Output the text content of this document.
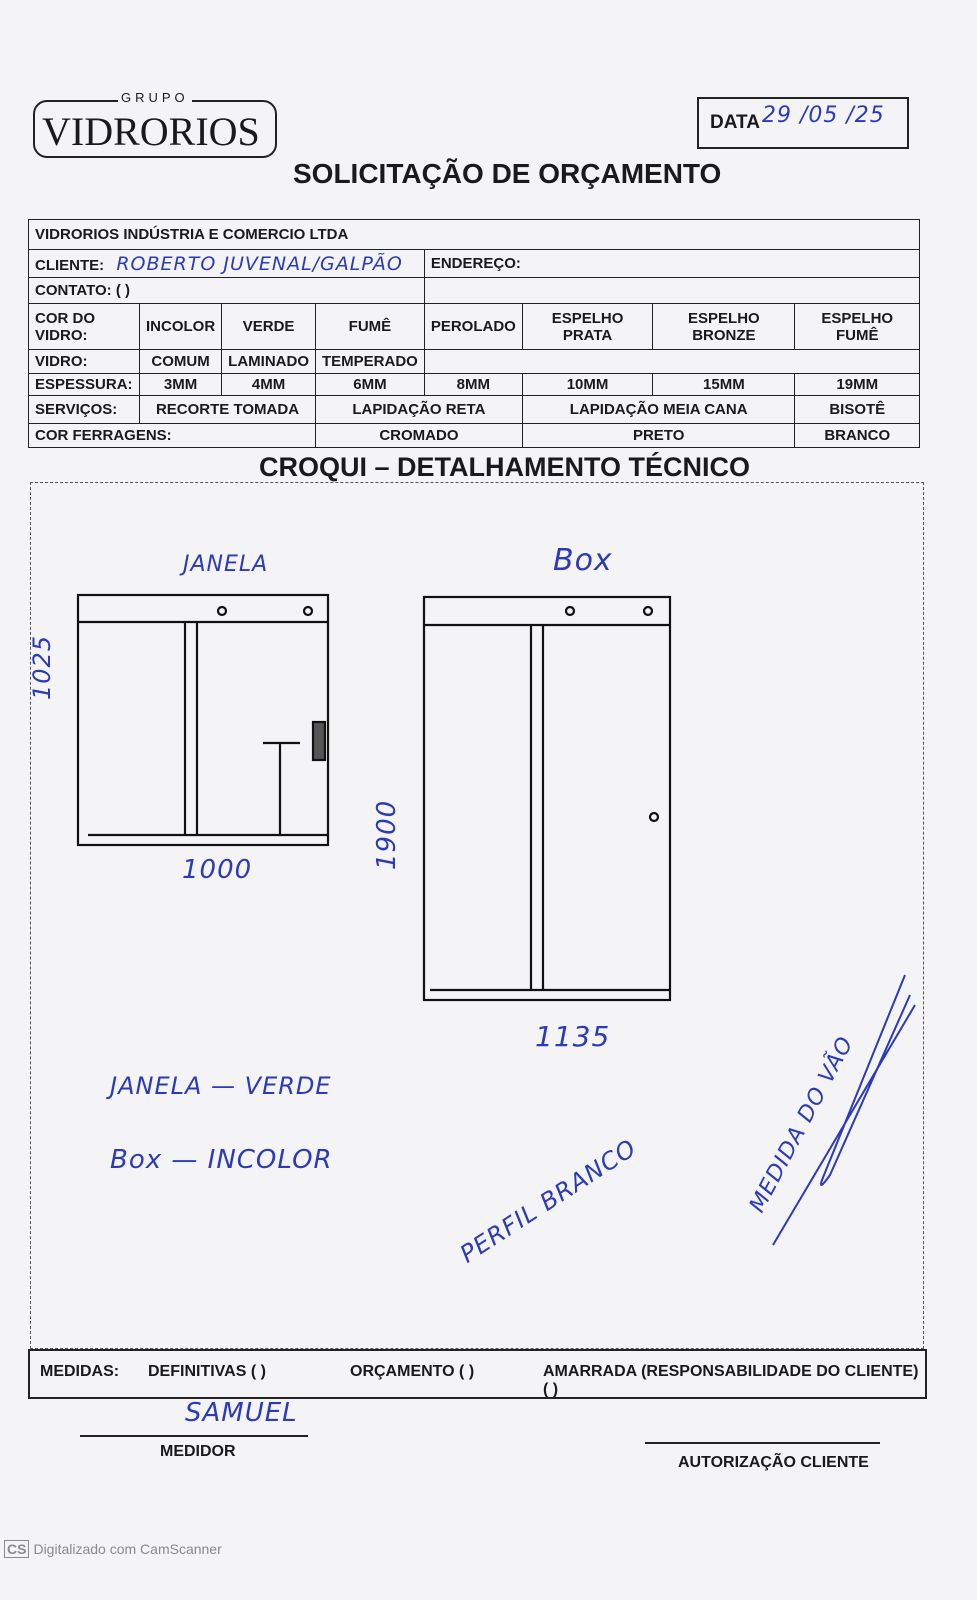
GRUPO
VIDRORIOS	DATA 29 /05 /25
SOLICITAÇÃO DE ORÇAMENTO
VIDRORIOS INDÚSTRIA E COMERCIO LTDA							
CLIENTE: ROBERTO JUVENAL/GALPÃO				ENDEREÇO:			
CONTATO: ( )							
COR DO VIDRO:	INCOLOR	VERDE	FUMÊ	PEROLADO	ESPELHO PRATA	ESPELHO BRONZE	ESPELHO FUMÊ
VIDRO:	COMUM	LAMINADO	TEMPERADO				
ESPESSURA:	3MM	4MM	6MM	8MM	10MM	15MM	19MM
SERVIÇOS:	RECORTE TOMADA		LAPIDAÇÃO RETA		LAPIDAÇÃO MEIA CANA		BISOTÊ
COR FERRAGENS:			CROMADO		PRETO		BRANCO
CROQUI – DETALHAMENTO TÉCNICO
JANELA
1025
1000
Box
1900
1135
JANELA — VERDE
Box — INCOLOR	PERFIL BRANCO	MEDIDA DO VÃO
MEDIDAS: DEFINITIVAS ( )	ORÇAMENTO ( )	AMARRADA (RESPONSABILIDADE DO CLIENTE) ( )
SAMUEL
MEDIDOR
AUTORIZAÇÃO CLIENTE
CS Digitalizado com CamScanner
